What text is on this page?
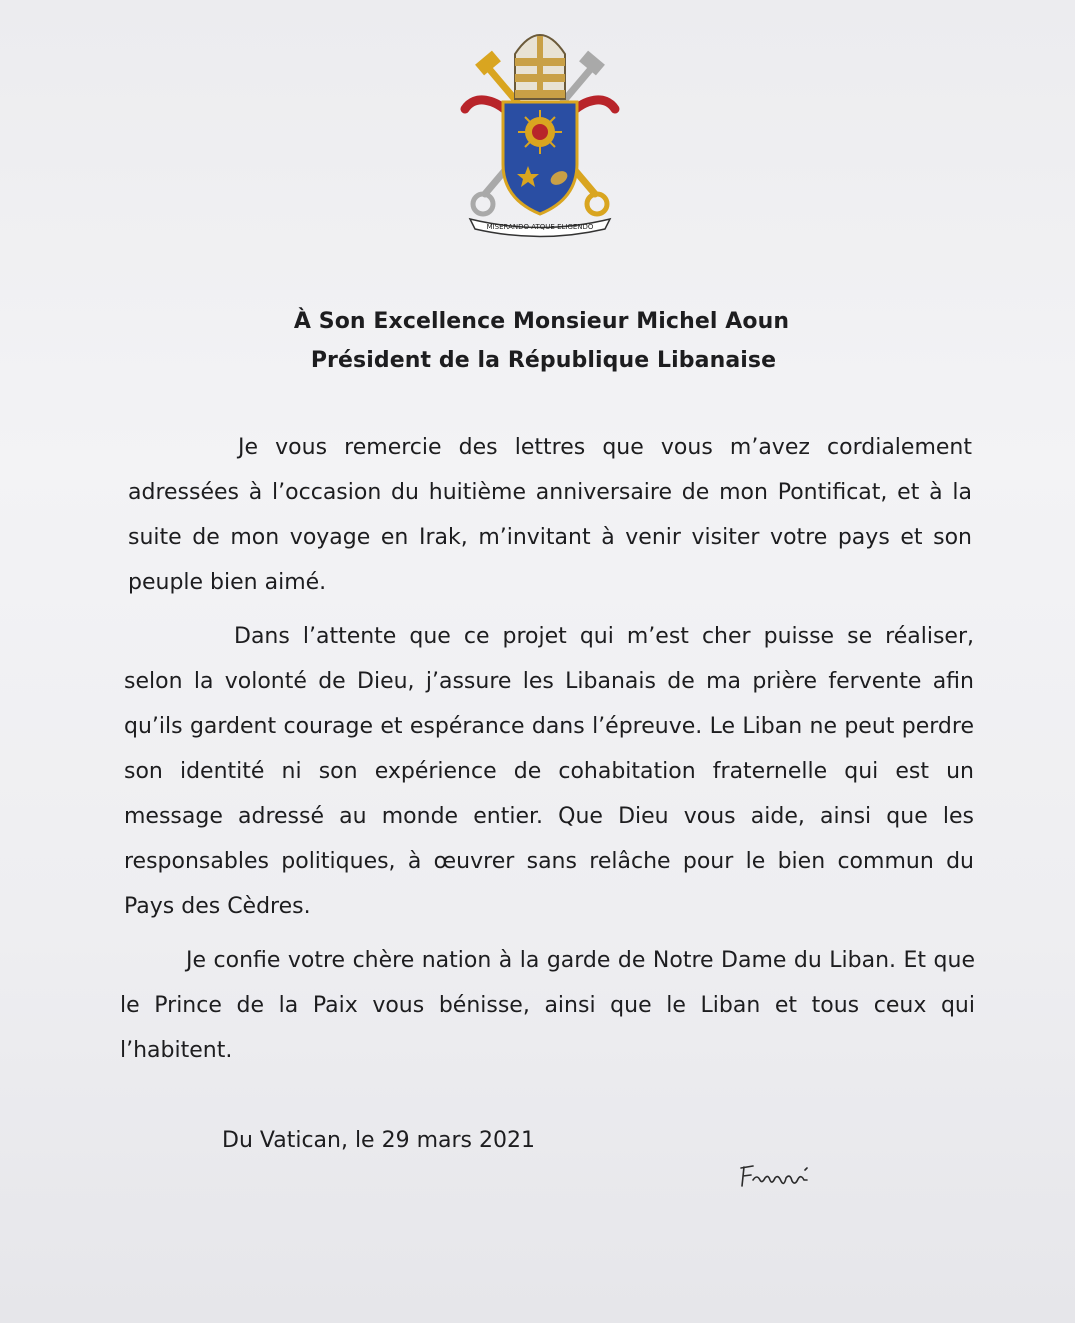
MISERANDO ATQUE ELIGENDO
À Son Excellence Monsieur Michel Aoun
Président de la République Libanaise
Je vous remercie des lettres que vous m’avez cordialement adressées à l’occasion du huitième anniversaire de mon Pontificat, et à la suite de mon voyage en Irak, m’invitant à venir visiter votre pays et son peuple bien aimé.
Dans l’attente que ce projet qui m’est cher puisse se réaliser, selon la volonté de Dieu, j’assure les Libanais de ma prière fervente afin qu’ils gardent courage et espérance dans l’épreuve. Le Liban ne peut perdre son identité ni son expérience de cohabitation fraternelle qui est un message adressé au monde entier. Que Dieu vous aide, ainsi que les responsables politiques, à œuvrer sans relâche pour le bien commun du Pays des Cèdres.
Je confie votre chère nation à la garde de Notre Dame du Liban. Et que le Prince de la Paix vous bénisse, ainsi que le Liban et tous ceux qui l’habitent.
Du Vatican, le 29 mars 2021
